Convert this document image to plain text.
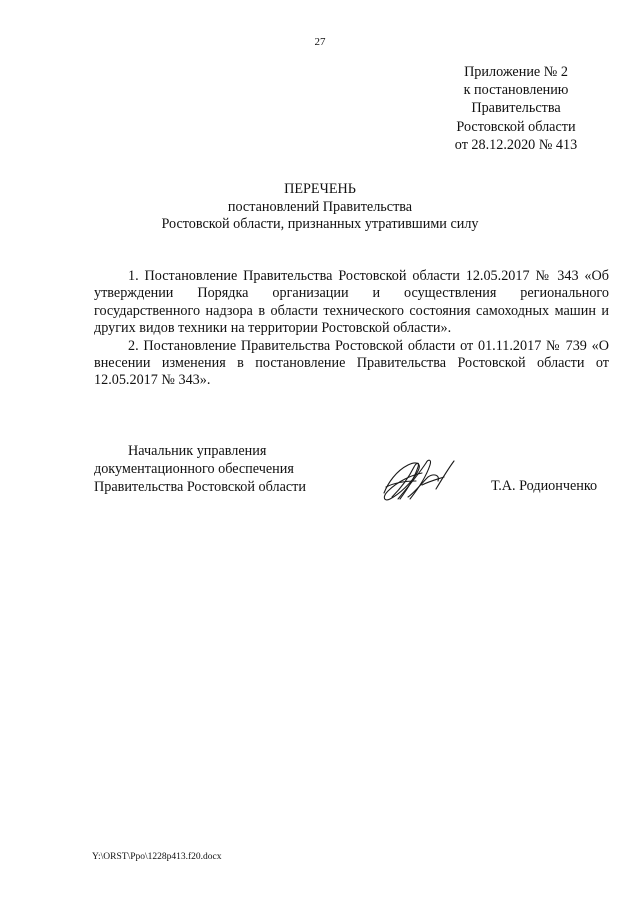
27
Приложение № 2
к постановлению
Правительства
Ростовской области
от 28.12.2020 № 413
ПЕРЕЧЕНЬ
постановлений Правительства
Ростовской области, признанных утратившими силу

1. Постановление Правительства Ростовской области 12.05.2017 № 343 «Об утверждении Порядка организации и осуществления регионального государственного надзора в области технического состояния самоходных машин и других видов техники на территории Ростовской области».

2. Постановление Правительства Ростовской области от 01.11.2017 № 739 «О внесении изменения в постановление Правительства Ростовской области от 12.05.2017 № 343».

Начальник управления
документационного обеспечения
Правительства Ростовской области	Т.А. Родионченко
Y:\ORST\Ppo\1228p413.f20.docx
